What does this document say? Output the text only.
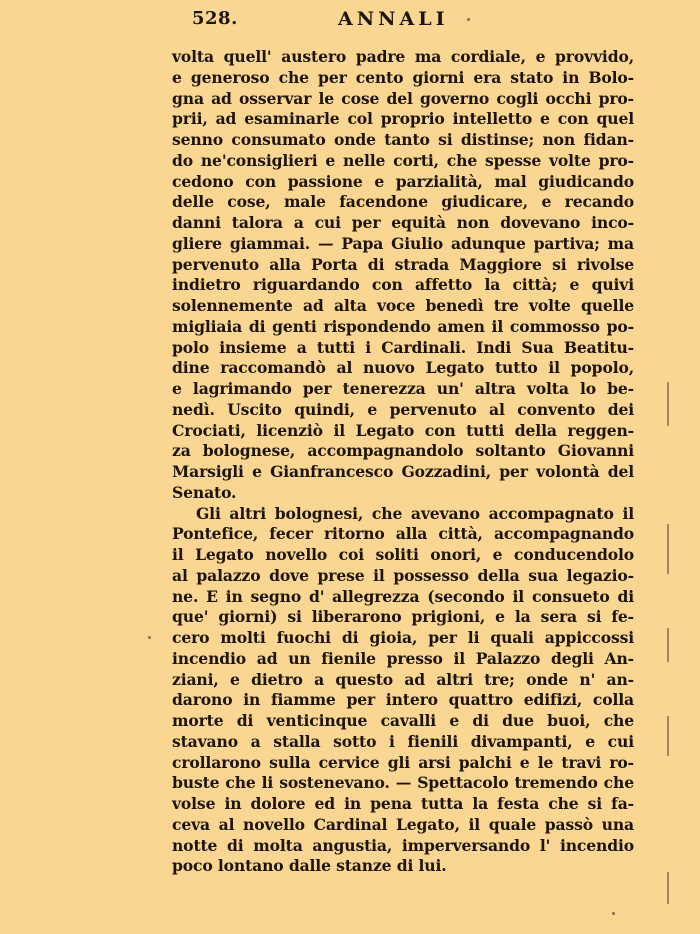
528.	ANNALI
volta quell' austero padre ma cordiale, e provvido,
e generoso che per cento giorni era stato in Bolo-
gna ad osservar le cose del governo cogli occhi pro-
prii, ad esaminarle col proprio intelletto e con quel
senno consumato onde tanto si distinse; non fidan-
do ne'consiglieri e nelle corti, che spesse volte pro-
cedono con passione e parzialità, mal giudicando
delle cose, male facendone giudicare, e recando
danni talora a cui per equità non dovevano inco-
gliere giammai. — Papa Giulio adunque partiva; ma
pervenuto alla Porta di strada Maggiore si rivolse
indietro riguardando con affetto la città; e quivi
solennemente ad alta voce benedì tre volte quelle
migliaia di genti rispondendo amen il commosso po-
polo insieme a tutti i Cardinali. Indi Sua Beatitu-
dine raccomandò al nuovo Legato tutto il popolo,
e lagrimando per tenerezza un' altra volta lo be-
nedì. Uscito quindi, e pervenuto al convento dei
Crociati, licenziò il Legato con tutti della reggen-
za bolognese, accompagnandolo soltanto Giovanni
Marsigli e Gianfrancesco Gozzadini, per volontà del
Senato.
Gli altri bolognesi, che avevano accompagnato il
Pontefice, fecer ritorno alla città, accompagnando
il Legato novello coi soliti onori, e conducendolo
al palazzo dove prese il possesso della sua legazio-
ne. E in segno d' allegrezza (secondo il consueto di
que' giorni) si liberarono prigioni, e la sera si fe-
cero molti fuochi di gioia, per li quali appiccossi
incendio ad un fienile presso il Palazzo degli An-
ziani, e dietro a questo ad altri tre; onde n' an-
darono in fiamme per intero quattro edifizi, colla
morte di venticinque cavalli e di due buoi, che
stavano a stalla sotto i fienili divampanti, e cui
crollarono sulla cervice gli arsi palchi e le travi ro-
buste che li sostenevano. — Spettacolo tremendo che
volse in dolore ed in pena tutta la festa che si fa-
ceva al novello Cardinal Legato, il quale passò una
notte di molta angustia, imperversando l' incendio
poco lontano dalle stanze di lui.
